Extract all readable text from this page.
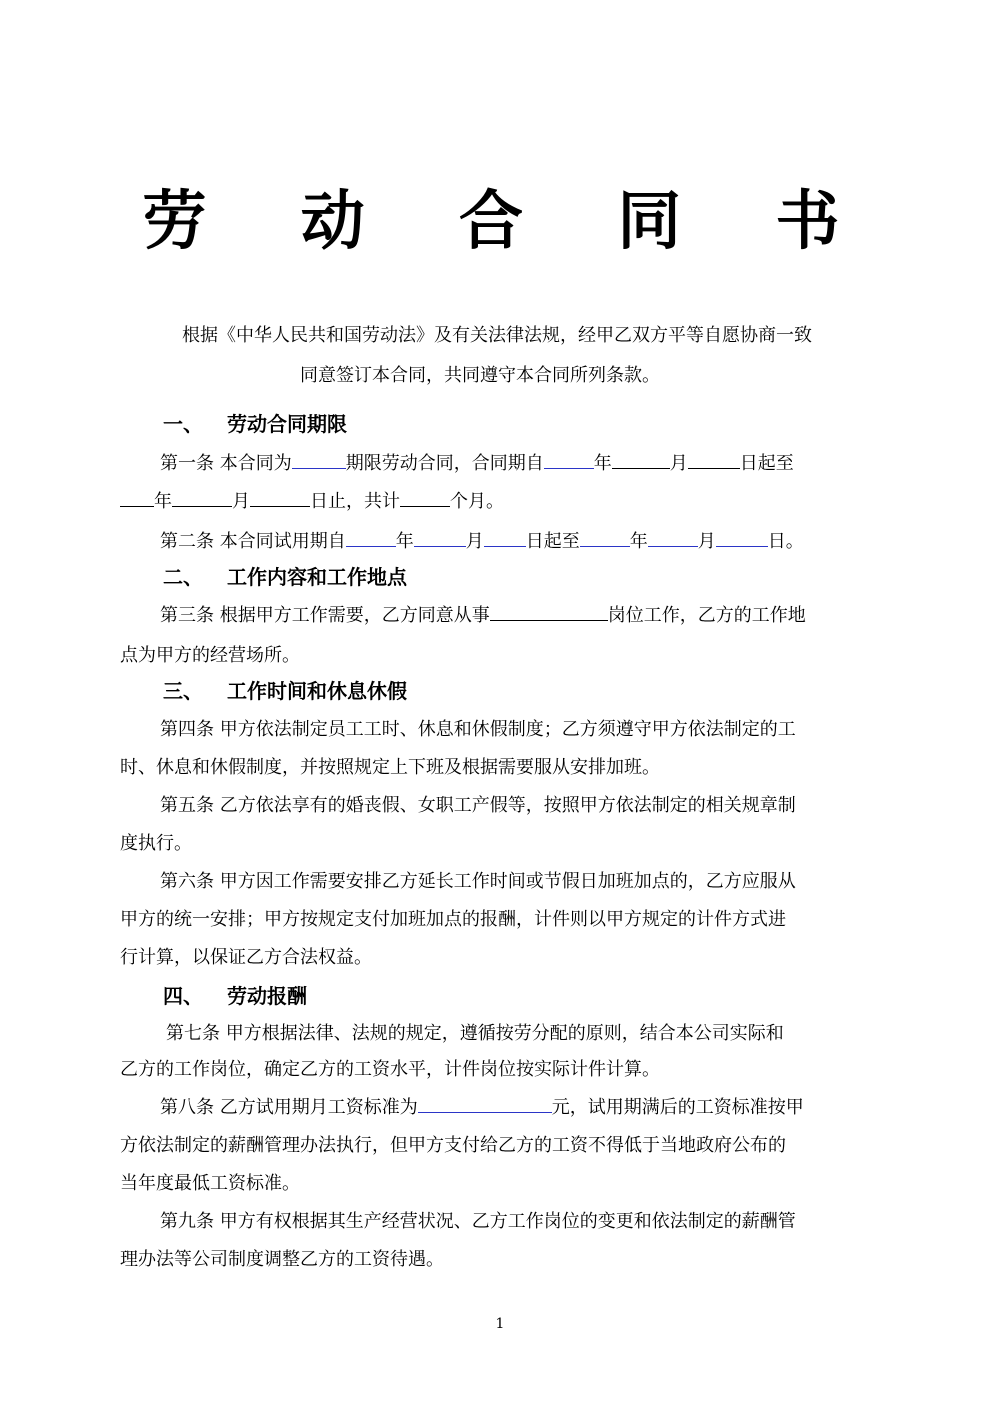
劳 动 合 同 书
根据《中华人民共和国劳动法》及有关法律法规，经甲乙双方平等自愿协商一致
同意签订本合同，共同遵守本合同所列条款。
一、 劳动合同期限
第一条 本合同为	期限劳动合同，合同期自	年	月	日起至
年	月	日止，共计	个月。
第二条 本合同试用期自	年	月 日起至	年	月	日。
二、 工作内容和工作地点
第三条 根据甲方工作需要，乙方同意从事	岗位工作，乙方的工作地
点为甲方的经营场所。
三、 工作时间和休息休假
第四条 甲方依法制定员工工时、休息和休假制度；乙方须遵守甲方依法制定的工
时、休息和休假制度，并按照规定上下班及根据需要服从安排加班。
第五条 乙方依法享有的婚丧假、女职工产假等，按照甲方依法制定的相关规章制
度执行。
第六条 甲方因工作需要安排乙方延长工作时间或节假日加班加点的，乙方应服从
甲方的统一安排；甲方按规定支付加班加点的报酬，计件则以甲方规定的计件方式进
行计算，以保证乙方合法权益。
四、 劳动报酬
第七条 甲方根据法律、法规的规定，遵循按劳分配的原则，结合本公司实际和
乙方的工作岗位，确定乙方的工资水平，计件岗位按实际计件计算。
第八条 乙方试用期月工资标准为	元，试用期满后的工资标准按甲
方依法制定的薪酬管理办法执行，但甲方支付给乙方的工资不得低于当地政府公布的
当年度最低工资标准。
第九条 甲方有权根据其生产经营状况、乙方工作岗位的变更和依法制定的薪酬管
理办法等公司制度调整乙方的工资待遇。
1
